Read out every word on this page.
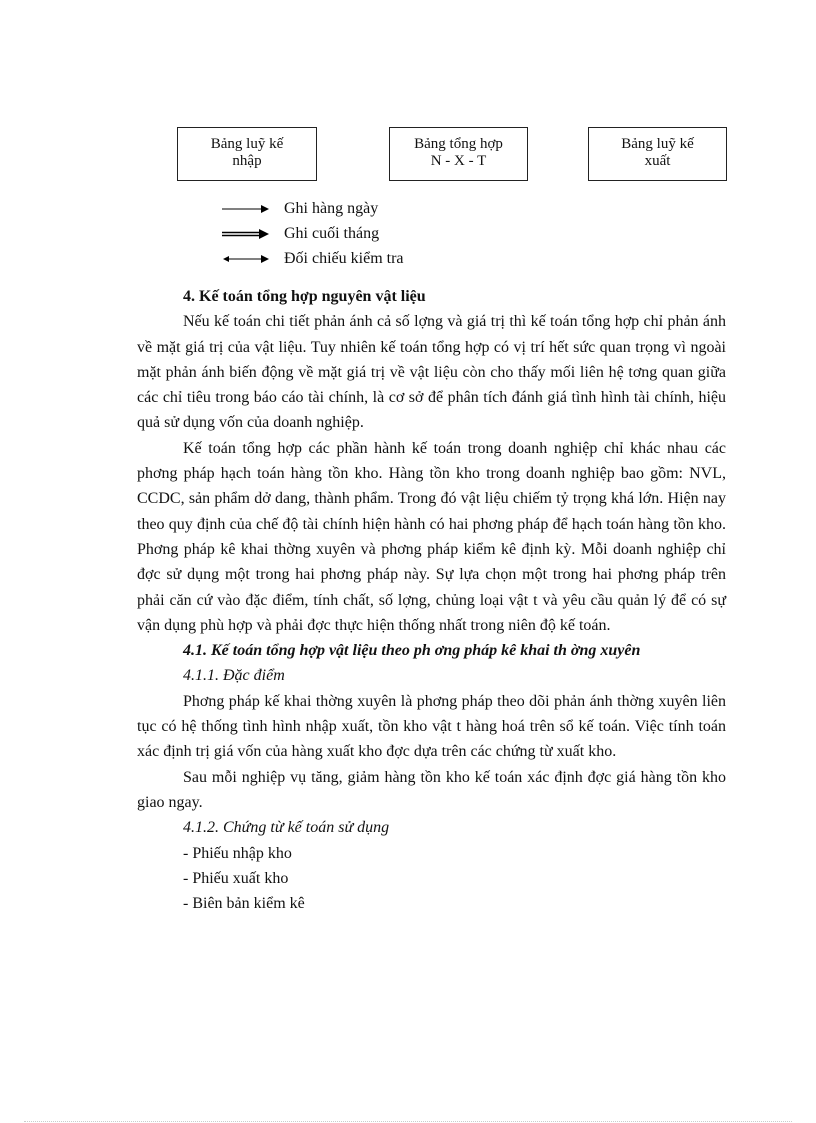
Bảng luỹ kế
nhập
Bảng tổng hợp
N - X - T
Bảng luỹ kế
xuất
Ghi hàng ngày
Ghi cuối tháng
Đối chiếu kiểm tra

4. Kế toán tổng hợp nguyên vật liệu

Nếu kế toán chi tiết phản ánh cả số lợng và giá trị thì kế toán tổng hợp chỉ phản ánh về mặt giá trị của vật liệu. Tuy nhiên kế toán tổng hợp có vị trí hết sức quan trọng vì ngoài mặt phản ánh biến động về mặt giá trị về vật liệu còn cho thấy mối liên hệ tơng quan giữa các chỉ tiêu trong báo cáo tài chính, là cơ sở để phân tích đánh giá tình hình tài chính, hiệu quả sử dụng vốn của doanh nghiệp.

Kế toán tổng hợp các phần hành kế toán trong doanh nghiệp chỉ khác nhau các phơng pháp hạch toán hàng tồn kho. Hàng tồn kho trong doanh nghiệp bao gồm: NVL, CCDC, sản phẩm dở dang, thành phẩm. Trong đó vật liệu chiếm tỷ trọng khá lớn. Hiện nay theo quy định của chế độ tài chính hiện hành có hai phơng pháp để hạch toán hàng tồn kho. Phơng pháp kê khai thờng xuyên và phơng pháp kiểm kê định kỳ. Mỗi doanh nghiệp chỉ đợc sử dụng một trong hai phơng pháp này. Sự lựa chọn một trong hai phơng pháp trên phải căn cứ vào đặc điểm, tính chất, số lợng, chủng loại vật t và yêu cầu quản lý để có sự vận dụng phù hợp và phải đợc thực hiện thống nhất trong niên độ kế toán.

4.1. Kế toán tổng hợp vật liệu theo ph ơng pháp kê khai th ờng xuyên

4.1.1. Đặc điểm

Phơng pháp kế khai thờng xuyên là phơng pháp theo dõi phản ánh thờng xuyên liên tục có hệ thống tình hình nhập xuất, tồn kho vật t hàng hoá trên sổ kế toán. Việc tính toán xác định trị giá vốn của hàng xuất kho đợc dựa trên các chứng từ xuất kho.

Sau mỗi nghiệp vụ tăng, giảm hàng tồn kho kế toán xác định đợc giá hàng tồn kho giao ngay.

4.1.2. Chứng từ kế toán sử dụng

- Phiếu nhập kho

- Phiếu xuất kho

- Biên bản kiểm kê
